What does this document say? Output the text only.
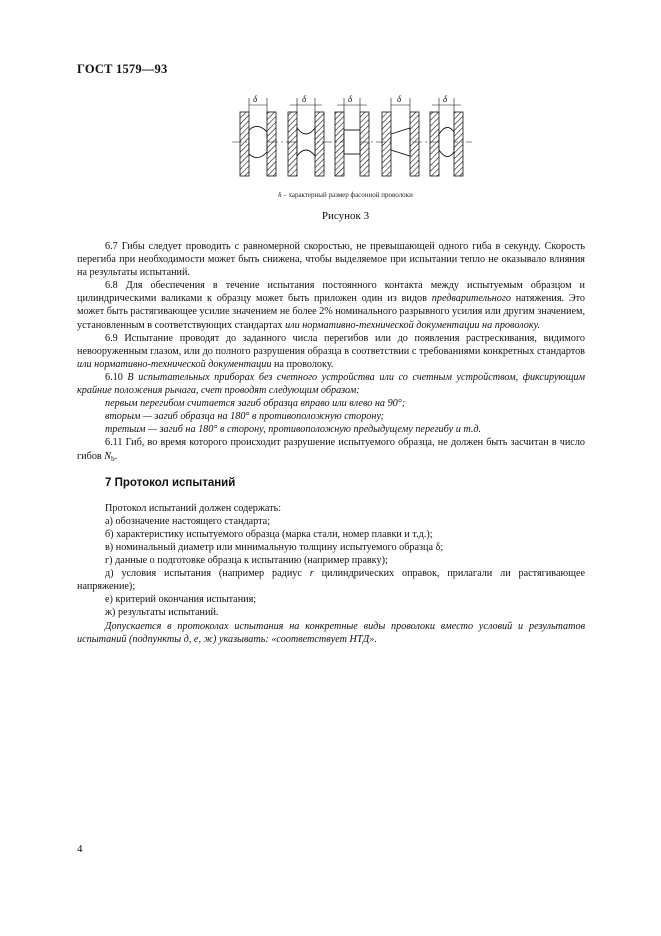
ГОСТ 1579—93
δ	δ	δ	δ	δ
δ – характерный размер фасонной проволоки
Рисунок 3

6.7 Гибы следует проводить с равномерной скоростью, не превышающей одного гиба в секунду. Скорость перегиба при необходимости может быть снижена, чтобы выделяемое при испытании тепло не оказывало влияния на результаты испытаний.

6.8 Для обеспечения в течение испытания постоянного контакта между испытуемым образцом и цилиндрическими валиками к образцу может быть приложен один из видов предварительного натяжения. Это может быть растягивающее усилие значением не более 2% номинального разрывного усилия или другим значением, установленным в соответствующих стандартах или нормативно-технической документации на проволоку.

6.9 Испытание проводят до заданного числа перегибов или до появления растрескивания, видимого невооруженным глазом, или до полного разрушения образца в соответствии с требованиями конкретных стандартов или нормативно-технической документации на проволоку.

6.10 В испытательных приборах без счетного устройства или со счетным устройством, фиксирующим крайние положения рычага, счет проводят следующим образом:

первым перегибом считается загиб образца вправо или влево на 90°;

вторым — загиб образца на 180° в противоположную сторону;

третьим — загиб на 180° в сторону, противоположную предыдущему перегибу и т.д.

6.11 Гиб, во время которого происходит разрушение испытуемого образца, не должен быть засчитан в число гибов $N_b$.

7 Протокол испытаний

Протокол испытаний должен содержать:

а) обозначение настоящего стандарта;

б) характеристику испытуемого образца (марка стали, номер плавки и т.д.);

в) номинальный диаметр или минимальную толщину испытуемого образца δ;

г) данные о подготовке образца к испытанию (например правку);

д) условия испытания (например радиус r цилиндрических оправок, прилагали ли растягивающее напряжение);

е) критерий окончания испытания;

ж) результаты испытаний.

Допускается в протоколах испытания на конкретные виды проволоки вместо условий и результатов испытаний (подпункты д, е, ж) указывать: «соответствует НТД».

4
